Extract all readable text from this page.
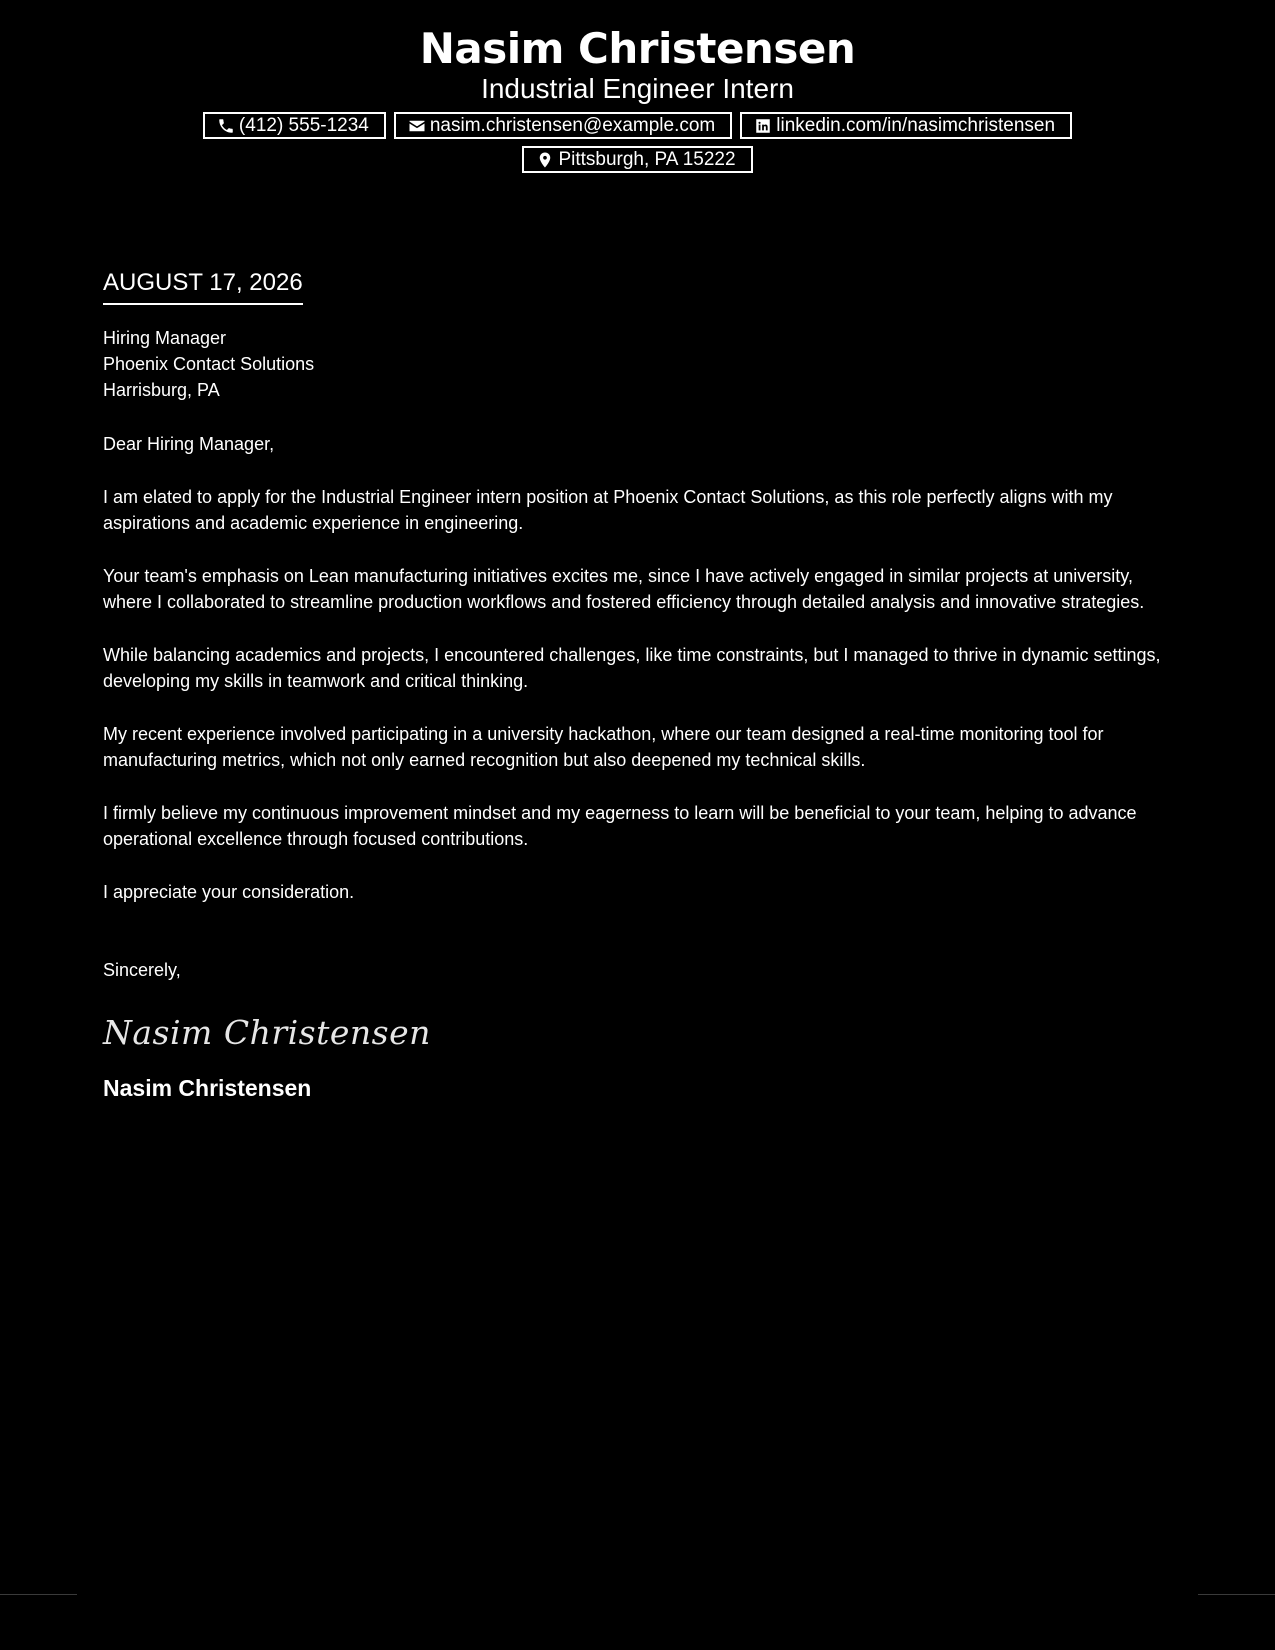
Nasim Christensen
Industrial Engineer Intern
(412) 555-1234	nasim.christensen@example.com	linkedin.com/in/nasimchristensen
Pittsburgh, PA 15222
AUGUST 17, 2026
Hiring Manager
Phoenix Contact Solutions
Harrisburg, PA
Dear Hiring Manager,
I am elated to apply for the Industrial Engineer intern position at Phoenix Contact Solutions, as this role perfectly aligns with my aspirations and academic experience in engineering.
Your team's emphasis on Lean manufacturing initiatives excites me, since I have actively engaged in similar projects at university, where I collaborated to streamline production workflows and fostered efficiency through detailed analysis and innovative strategies.
While balancing academics and projects, I encountered challenges, like time constraints, but I managed to thrive in dynamic settings, developing my skills in teamwork and critical thinking.
My recent experience involved participating in a university hackathon, where our team designed a real-time monitoring tool for manufacturing metrics, which not only earned recognition but also deepened my technical skills.
I firmly believe my continuous improvement mindset and my eagerness to learn will be beneficial to your team, helping to advance operational excellence through focused contributions.
I appreciate your consideration.
Sincerely,
Nasim Christensen
Nasim Christensen
